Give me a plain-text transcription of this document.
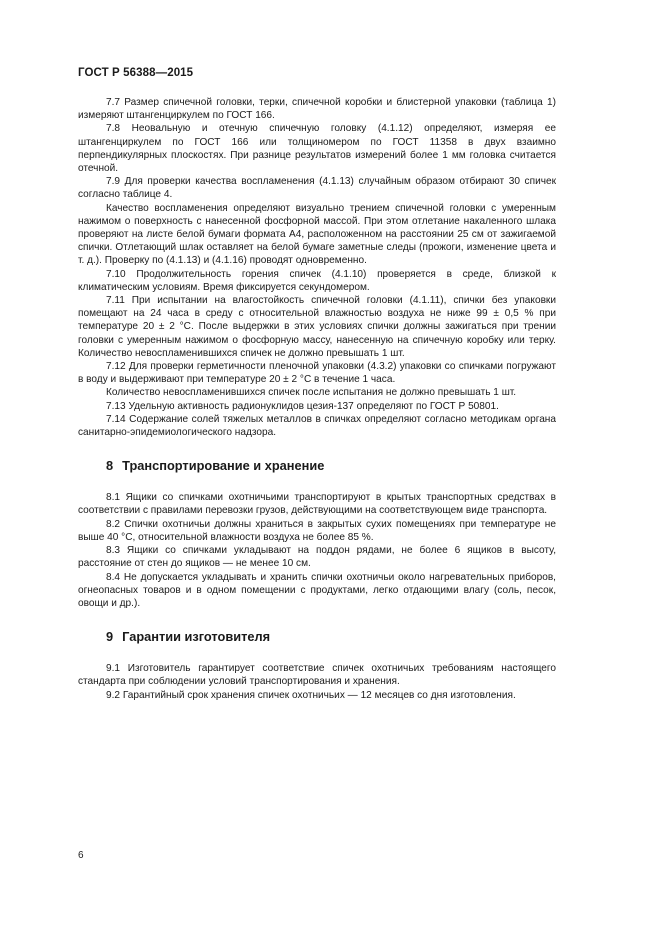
ГОСТ Р 56388—2015

7.7 Размер спичечной головки, терки, спичечной коробки и блистерной упаковки (таблица 1) измеряют штангенциркулем по ГОСТ 166.

7.8 Неовальную и отечную спичечную головку (4.1.12) определяют, измеряя ее штангенциркулем по ГОСТ 166 или толщиномером по ГОСТ 11358 в двух взаимно перпендикулярных плоскостях. При разнице результатов измерений более 1 мм головка считается отечной.

7.9 Для проверки качества воспламенения (4.1.13) случайным образом отбирают 30 спичек согласно таблице 4.

Качество воспламенения определяют визуально трением спичечной головки с умеренным нажимом о поверхность с нанесенной фосфорной массой. При этом отлетание накаленного шлака проверяют на листе белой бумаги формата А4, расположенном на расстоянии 25 см от зажигаемой спички. Отлетающий шлак оставляет на белой бумаге заметные следы (прожоги, изменение цвета и т. д.). Проверку по (4.1.13) и (4.1.16) проводят одновременно.

7.10 Продолжительность горения спичек (4.1.10) проверяется в среде, близкой к климатическим условиям. Время фиксируется секундомером.

7.11 При испытании на влагостойкость спичечной головки (4.1.11), спички без упаковки помещают на 24 часа в среду с относительной влажностью воздуха не ниже 99 ± 0,5 % при температуре 20 ± 2 °С. После выдержки в этих условиях спички должны зажигаться при трении головки с умеренным нажимом о фосфорную массу, нанесенную на спичечную коробку или терку. Количество невоспламенившихся спичек не должно превышать 1 шт.

7.12 Для проверки герметичности пленочной упаковки (4.3.2) упаковки со спичками погружают в воду и выдерживают при температуре 20 ± 2 °С в течение 1 часа.

Количество невоспламенившихся спичек после испытания не должно превышать 1 шт.

7.13 Удельную активность радионуклидов цезия-137 определяют по ГОСТ Р 50801.

7.14 Содержание солей тяжелых металлов в спичках определяют согласно методикам органа санитарно-эпидемиологического надзора.

8 Транспортирование и хранение

8.1 Ящики со спичками охотничьими транспортируют в крытых транспортных средствах в соответствии с правилами перевозки грузов, действующими на соответствующем виде транспорта.

8.2 Спички охотничьи должны храниться в закрытых сухих помещениях при температуре не выше 40 °С, относительной влажности воздуха не более 85 %.

8.3 Ящики со спичками укладывают на поддон рядами, не более 6 ящиков в высоту, расстояние от стен до ящиков — не менее 10 см.

8.4 Не допускается укладывать и хранить спички охотничьи около нагревательных приборов, огнеопасных товаров и в одном помещении с продуктами, легко отдающими влагу (соль, песок, овощи и др.).

9 Гарантии изготовителя

9.1 Изготовитель гарантирует соответствие спичек охотничьих требованиям настоящего стандарта при соблюдении условий транспортирования и хранения.

9.2 Гарантийный срок хранения спичек охотничьих — 12 месяцев со дня изготовления.

6
